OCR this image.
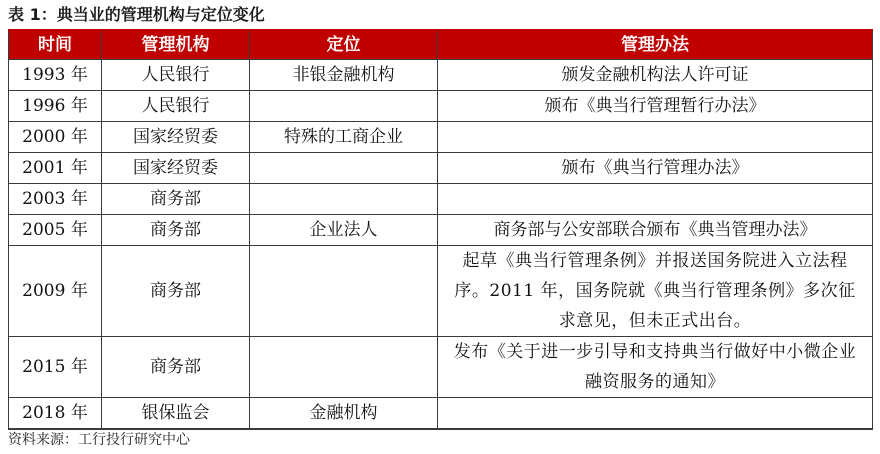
表 1：典当业的管理机构与定位变化
时间	管理机构	定位	管理办法
1993 年	人民银行	非银金融机构	颁发金融机构法人许可证
1996 年	人民银行		颁布《典当行管理暂行办法》
2000 年	国家经贸委	特殊的工商企业	
2001 年	国家经贸委		颁布《典当行管理办法》
2003 年	商务部		
2005 年	商务部	企业法人	商务部与公安部联合颁布《典当管理办法》
2009 年	商务部		起草《典当行管理条例》并报送国务院进入立法程序。2011 年，国务院就《典当行管理条例》多次征求意见，但未正式出台。
2015 年	商务部		发布《关于进一步引导和支持典当行做好中小微企业融资服务的通知》
2018 年	银保监会	金融机构	
资料来源：工行投行研究中心
